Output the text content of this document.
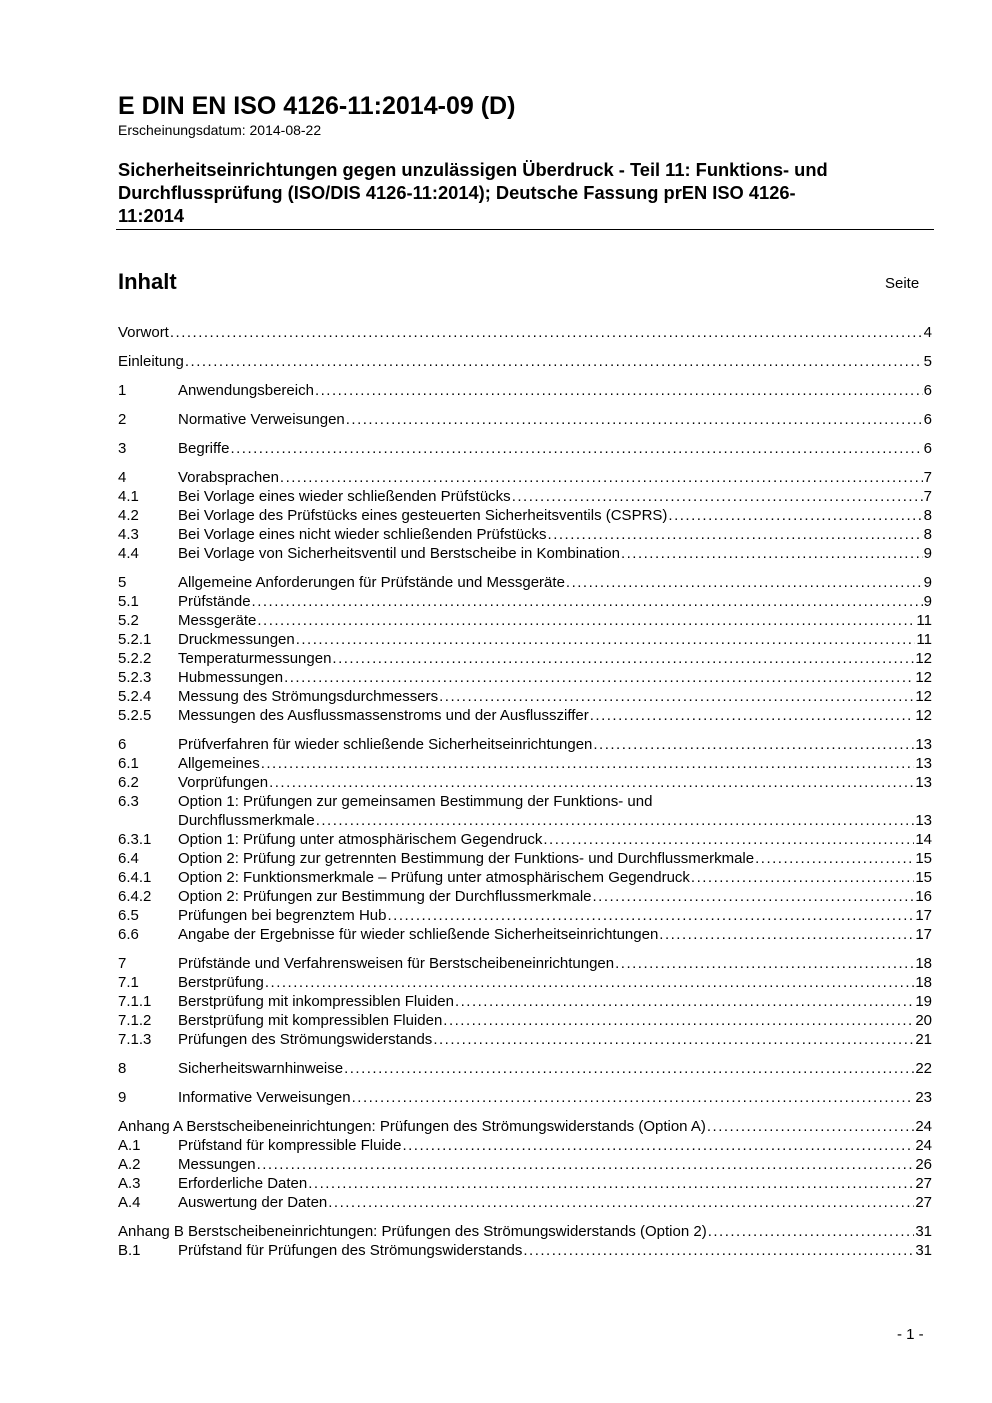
E DIN EN ISO 4126-11:2014-09 (D)
Erscheinungsdatum: 2014-08-22
Sicherheitseinrichtungen gegen unzulässigen Überdruck - Teil 11: Funktions- und
Durchflussprüfung (ISO/DIS 4126-11:2014); Deutsche Fassung prEN ISO 4126-
11:2014
Inhalt	Seite
Vorwort .....	4
Einleitung .....	5
1	Anwendungsbereich .....	6
2	Normative Verweisungen .....	6
3	Begriffe .....	6
4	Vorabsprachen .....	7
4.1	Bei Vorlage eines wieder schließenden Prüfstücks .....	7
4.2	Bei Vorlage des Prüfstücks eines gesteuerten Sicherheitsventils (CSPRS) .....	8
4.3	Bei Vorlage eines nicht wieder schließenden Prüfstücks .....	8
4.4	Bei Vorlage von Sicherheitsventil und Berstscheibe in Kombination .....	9
5	Allgemeine Anforderungen für Prüfstände und Messgeräte .....	9
5.1	Prüfstände .....	9
5.2	Messgeräte .....	11
5.2.1	Druckmessungen .....	11
5.2.2	Temperaturmessungen .....	12
5.2.3	Hubmessungen .....	12
5.2.4	Messung des Strömungsdurchmessers .....	12
5.2.5	Messungen des Ausflussmassenstroms und der Ausflussziffer .....	12
6	Prüfverfahren für wieder schließende Sicherheitseinrichtungen .....	13
6.1	Allgemeines .....	13
6.2	Vorprüfungen .....	13
6.3	Option 1: Prüfungen zur gemeinsamen Bestimmung der Funktions- und
Durchflussmerkmale .....	13
6.3.1	Option 1: Prüfung unter atmosphärischem Gegendruck .....	14
6.4	Option 2: Prüfung zur getrennten Bestimmung der Funktions- und Durchflussmerkmale .....	15
6.4.1	Option 2: Funktionsmerkmale – Prüfung unter atmosphärischem Gegendruck .....	15
6.4.2	Option 2: Prüfungen zur Bestimmung der Durchflussmerkmale .....	16
6.5	Prüfungen bei begrenztem Hub .....	17
6.6	Angabe der Ergebnisse für wieder schließende Sicherheitseinrichtungen .....	17
7	Prüfstände und Verfahrensweisen für Berstscheibeneinrichtungen .....	18
7.1	Berstprüfung .....	18
7.1.1	Berstprüfung mit inkompressiblen Fluiden .....	19
7.1.2	Berstprüfung mit kompressiblen Fluiden .....	20
7.1.3	Prüfungen des Strömungswiderstands .....	21
8	Sicherheitswarnhinweise .....	22
9	Informative Verweisungen .....	23
Anhang A Berstscheibeneinrichtungen: Prüfungen des Strömungswiderstands (Option A) .....	24
A.1	Prüfstand für kompressible Fluide .....	24
A.2	Messungen .....	26
A.3	Erforderliche Daten .....	27
A.4	Auswertung der Daten .....	27
Anhang B Berstscheibeneinrichtungen: Prüfungen des Strömungswiderstands (Option 2) .....	31
B.1	Prüfstand für Prüfungen des Strömungswiderstands .....	31
- 1 -
